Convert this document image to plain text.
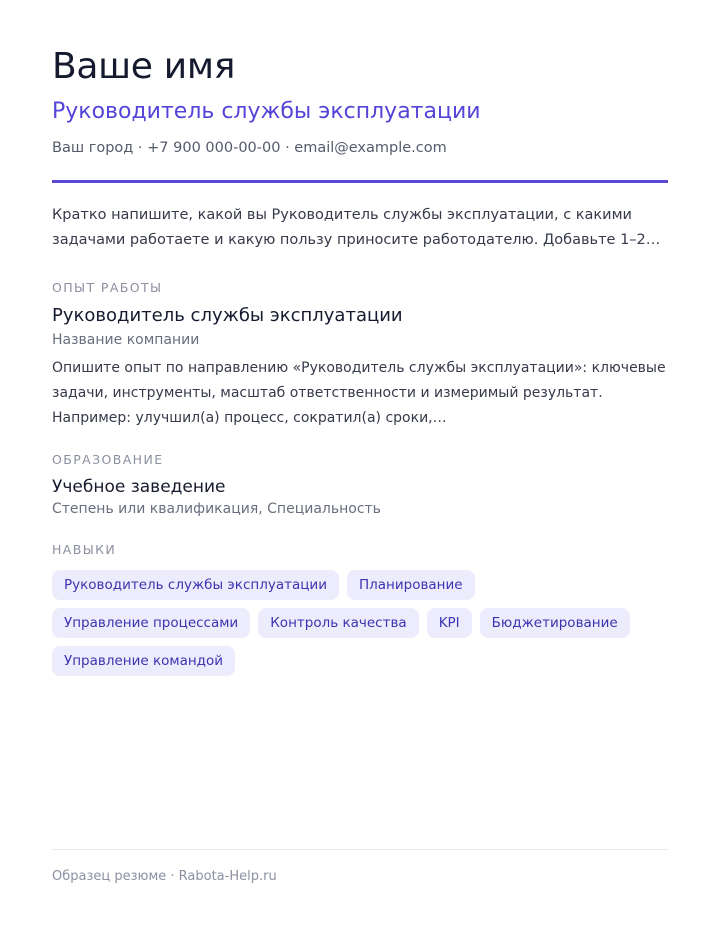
Ваше имя
Руководитель службы эксплуатации
Ваш город · +7 900 000-00-00 · email@example.com

Кратко напишите, какой вы Руководитель службы эксплуатации, с какими задачами работаете и какую пользу приносите работодателю. Добавьте 1–2…

ОПЫТ РАБОТЫ
Руководитель службы эксплуатации
Название компании

Опишите опыт по направлению «Руководитель службы эксплуатации»: ключевые задачи, инструменты, масштаб ответственности и измеримый результат. Например: улучшил(а) процесс, сократил(а) сроки,…

ОБРАЗОВАНИЕ
Учебное заведение
Степень или квалификация, Специальность
НАВЫКИ
Руководитель службы эксплуатации	Планирование
Управление процессами	Контроль качества	KPI	Бюджетирование
Управление командой
Образец резюме · Rabota-Help.ru
